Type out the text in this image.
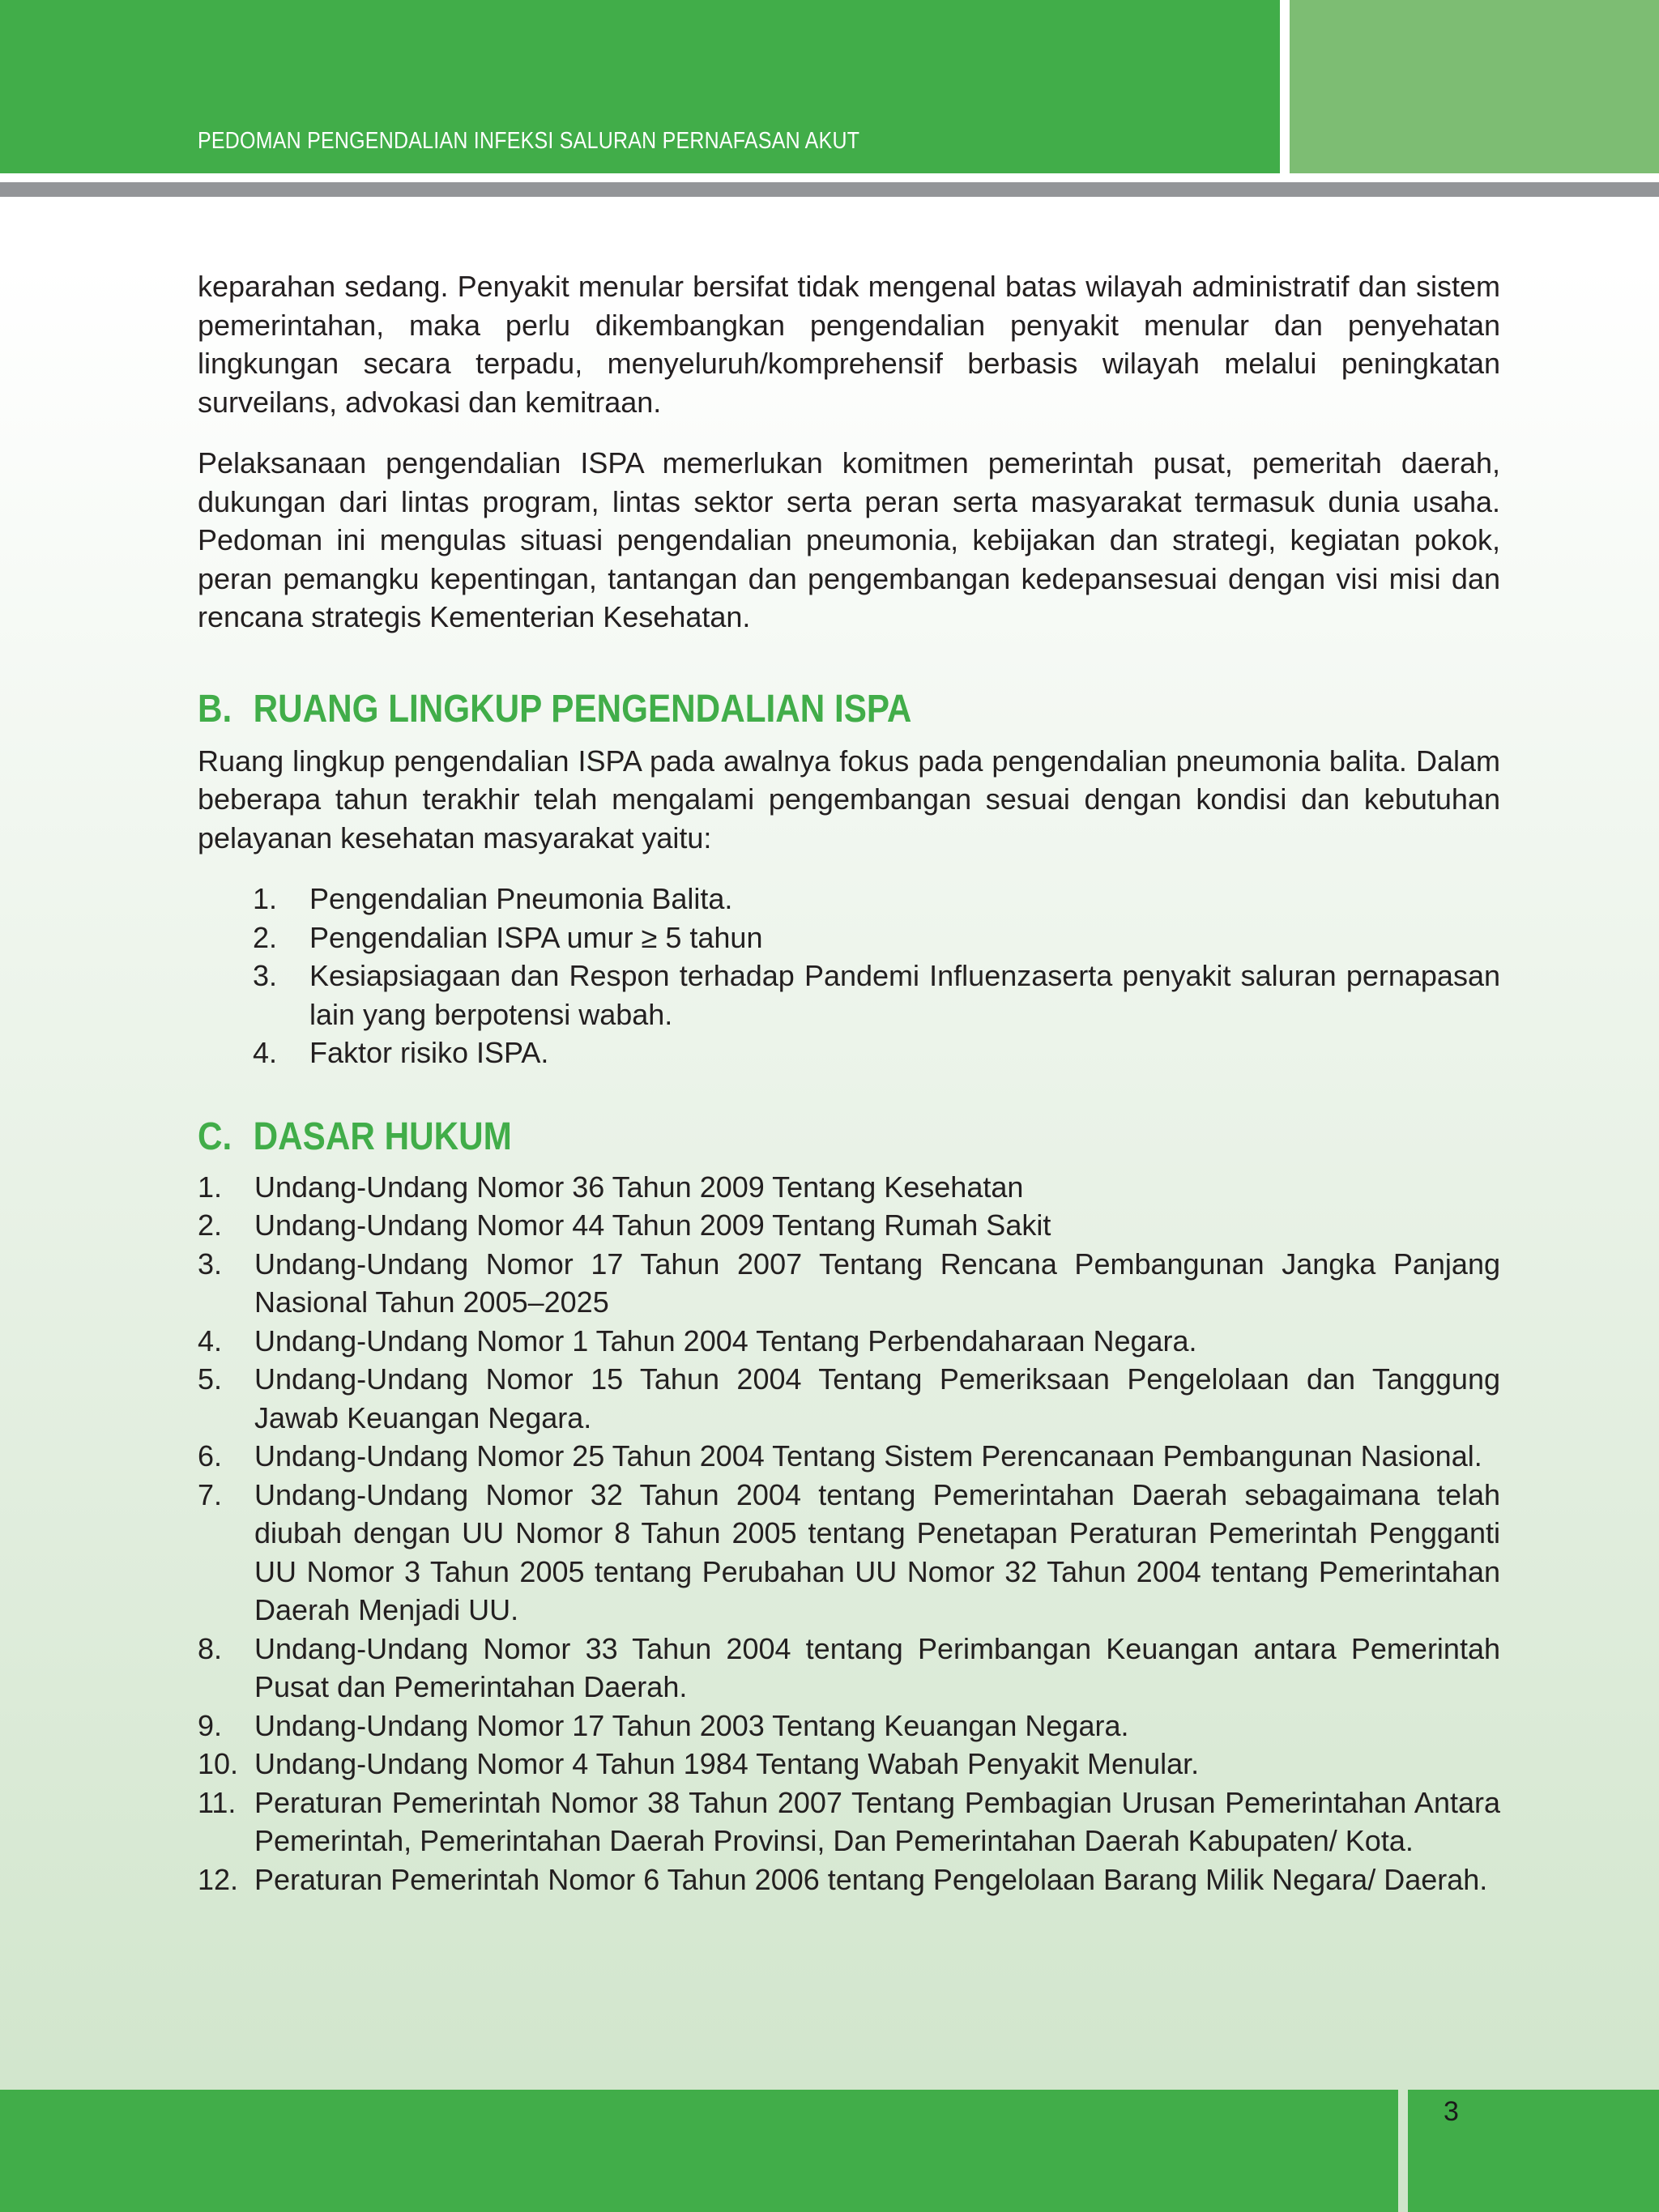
PEDOMAN PENGENDALIAN INFEKSI SALURAN PERNAFASAN AKUT

keparahan sedang. Penyakit menular bersifat tidak mengenal batas wilayah administratif dan sistem pemerintahan, maka perlu dikembangkan pengendalian penyakit menular dan penyehatan lingkungan secara terpadu, menyeluruh/komprehensif berbasis wilayah melalui peningkatan surveilans, advokasi dan kemitraan.

Pelaksanaan pengendalian ISPA memerlukan komitmen pemerintah pusat, pemeritah daerah, dukungan dari lintas program, lintas sektor serta peran serta masyarakat termasuk dunia usaha. Pedoman ini mengulas situasi pengendalian pneumonia, kebijakan dan strategi, kegiatan pokok, peran pemangku kepentingan, tantangan dan pengembangan kedepansesuai dengan visi misi dan rencana strategis Kementerian Kesehatan.

B. RUANG LINGKUP PENGENDALIAN ISPA

Ruang lingkup pengendalian ISPA pada awalnya fokus pada pengendalian pneumonia balita. Dalam beberapa tahun terakhir telah mengalami pengembangan sesuai dengan kondisi dan kebutuhan pelayanan kesehatan masyarakat yaitu:

1.	Pengendalian Pneumonia Balita.
2.	Pengendalian ISPA umur ≥ 5 tahun
3.	Kesiapsiagaan dan Respon terhadap Pandemi Influenzaserta penyakit saluran pernapasan lain yang berpotensi wabah.
4.	Faktor risiko ISPA.
C. DASAR HUKUM
1.	Undang-Undang Nomor 36 Tahun 2009 Tentang Kesehatan
2.	Undang-Undang Nomor 44 Tahun 2009 Tentang Rumah Sakit
3.	Undang-Undang Nomor 17 Tahun 2007 Tentang Rencana Pembangunan Jangka Panjang Nasional Tahun 2005–2025
4.	Undang-Undang Nomor 1 Tahun 2004 Tentang Perbendaharaan Negara.
5.	Undang-Undang Nomor 15 Tahun 2004 Tentang Pemeriksaan Pengelolaan dan Tanggung Jawab Keuangan Negara.
6.	Undang-Undang Nomor 25 Tahun 2004 Tentang Sistem Perencanaan Pembangunan Nasional.
7.	Undang-Undang Nomor 32 Tahun 2004 tentang Pemerintahan Daerah sebagaimana telah diubah dengan UU Nomor 8 Tahun 2005 tentang Penetapan Peraturan Pemerintah Pengganti UU Nomor 3 Tahun 2005 tentang Perubahan UU Nomor 32 Tahun 2004 tentang Pemerintahan Daerah Menjadi UU.
8.	Undang-Undang Nomor 33 Tahun 2004 tentang Perimbangan Keuangan antara Pemerintah Pusat dan Pemerintahan Daerah.
9.	Undang-Undang Nomor 17 Tahun 2003 Tentang Keuangan Negara.
10. Undang-Undang Nomor 4 Tahun 1984 Tentang Wabah Penyakit Menular.
11. Peraturan Pemerintah Nomor 38 Tahun 2007 Tentang Pembagian Urusan Pemerintahan Antara Pemerintah, Pemerintahan Daerah Provinsi, Dan Pemerintahan Daerah Kabupaten/ Kota.
12. Peraturan Pemerintah Nomor 6 Tahun 2006 tentang Pengelolaan Barang Milik Negara/ Daerah.
3
